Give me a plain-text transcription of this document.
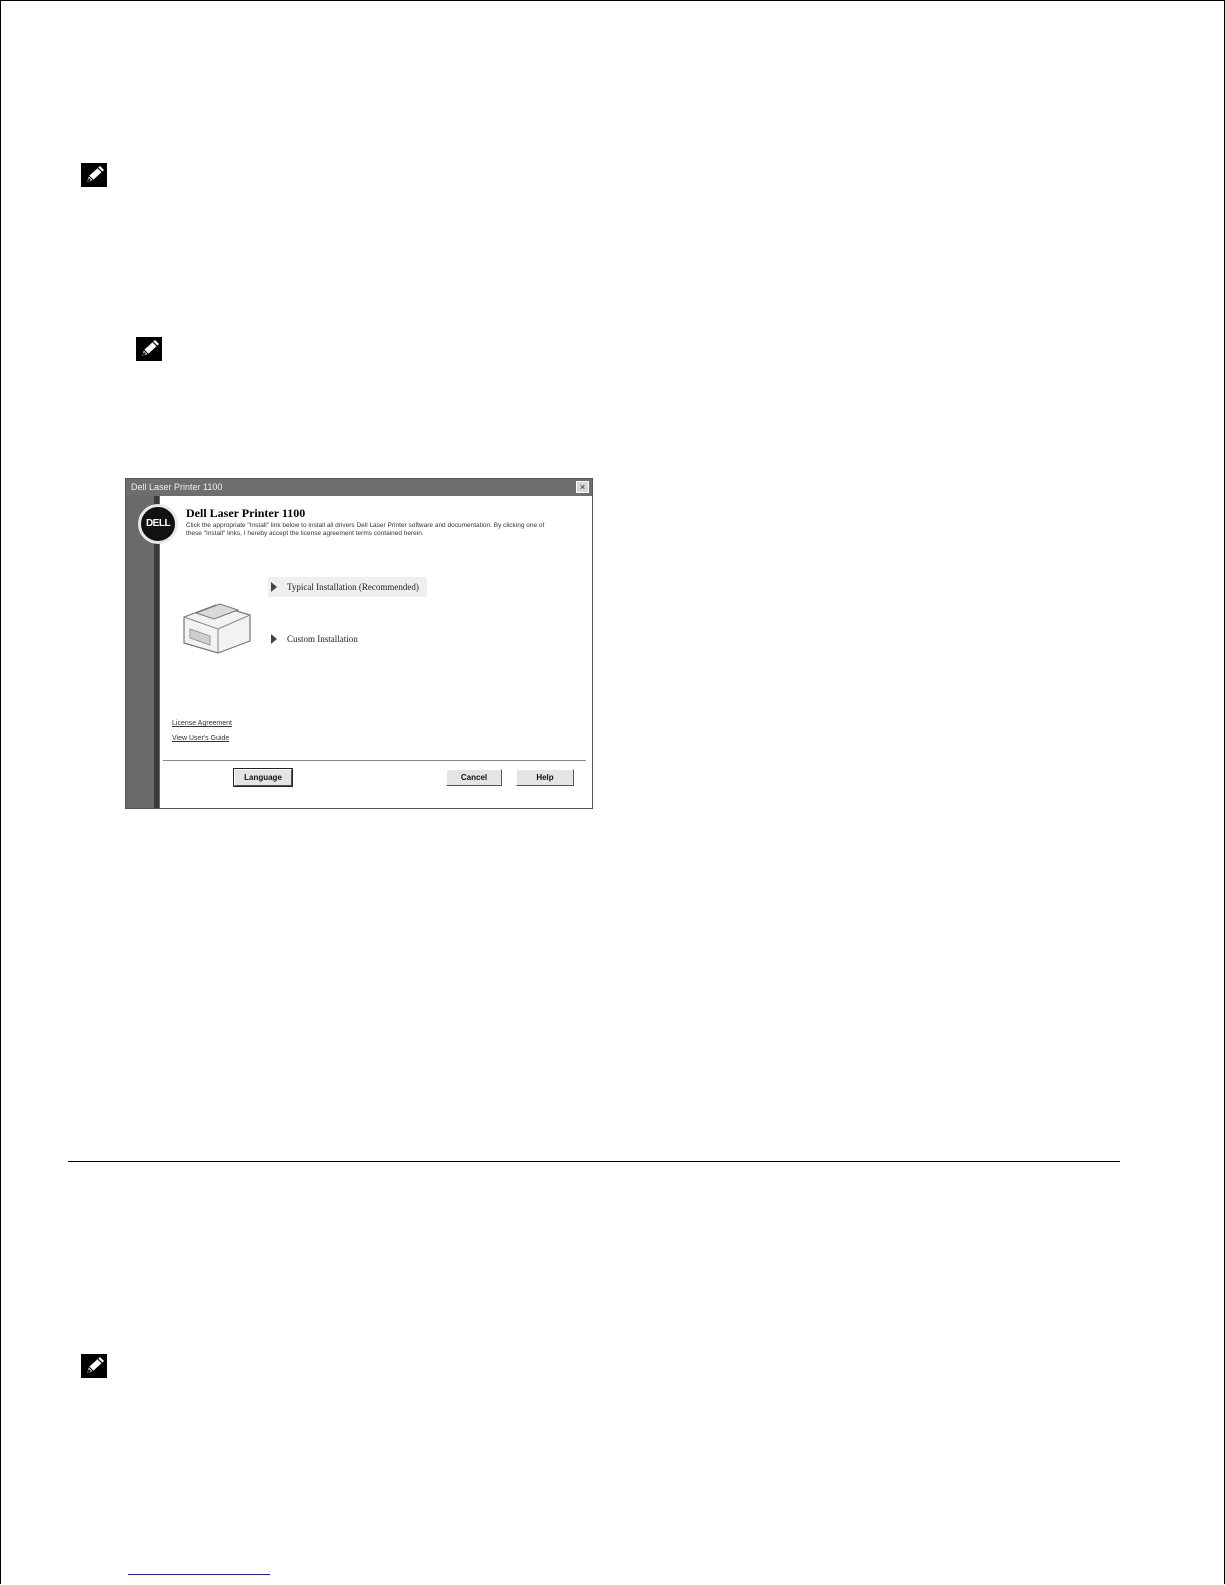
Dell Laser Printer 1100	×
DELL
Dell Laser Printer 1100
Click the appropriate "Install" link below to install all drivers Dell Laser Printer software and documentation. By clicking one of these "Install" links, I hereby accept the license agreement terms contained herein.
Typical Installation (Recommended)
Custom Installation
License Agreement
View User's Guide
Language	Cancel	Help
